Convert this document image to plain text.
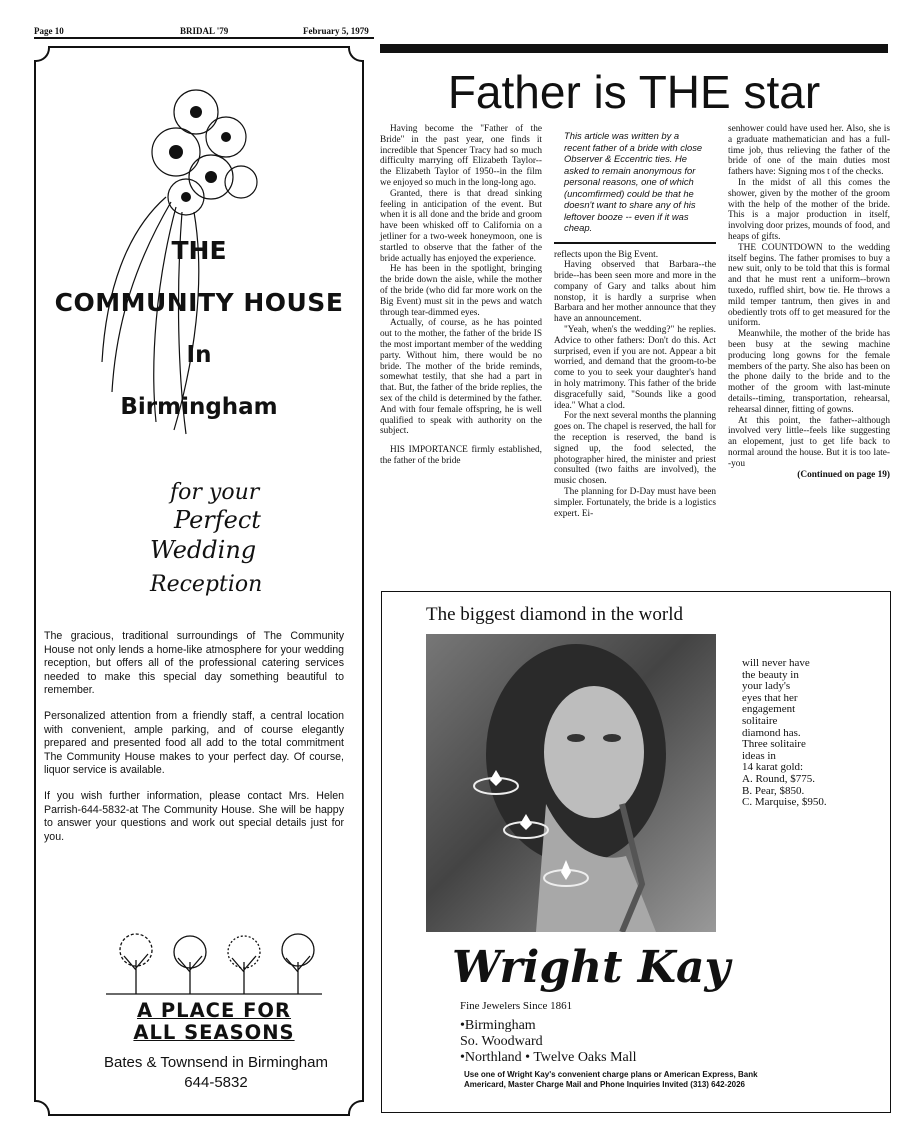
Page 10	BRIDAL '79	February 5, 1979
THE
COMMUNITY HOUSE
In
Birmingham
for your
Perfect
Wedding
Reception
A PLACE FOR
ALL SEASONS
Bates & Townsend in Birmingham
644-5832

The gracious, traditional surroundings of The Community House not only lends a home-like atmosphere for your wedding reception, but offers all of the professional catering services needed to make this special day something beautiful to remember.

Personalized attention from a friendly staff, a central location with convenient, ample parking, and of course elegantly prepared and presented food all add to the total commitment The Community House makes to your perfect day. Of course, liquor service is available.

If you wish further information, please contact Mrs. Helen Parrish-644-5832-at The Community House. She will be happy to answer your questions and work out special details just for you.

Father is THE star

Having become the "Father of the Bride" in the past year, one finds it incredible that Spencer Tracy had so much difficulty marrying off Elizabeth Taylor--the Elizabeth Taylor of 1950--in the film we enjoyed so much in the long-long ago.

Granted, there is that dread sinking feeling in anticipation of the event. But when it is all done and the bride and groom have been whisked off to California on a jetliner for a two-week honeymoon, one is startled to observe that the father of the bride actually has enjoyed the experience.

He has been in the spotlight, bringing the bride down the aisle, while the mother of the bride (who did far more work on the Big Event) must sit in the pews and watch through tear-dimmed eyes.

Actually, of course, as he has pointed out to the mother, the father of the bride IS the most important member of the wedding party. Without him, there would be no bride. The mother of the bride reminds, somewhat testily, that she had a part in that. But, the father of the bride replies, the sex of the child is determined by the father. And with four female offspring, he is well qualified to speak with authority on the subject.

HIS IMPORTANCE firmly established, the father of the bride

This article was written by a recent father of a bride with close Observer & Eccentric ties. He asked to remain anonymous for personal reasons, one of which (uncomfirmed) could be that he doesn't want to share any of his leftover booze -- even if it was cheap.

reflects upon the Big Event.

Having observed that Barbara--the bride--has been seen more and more in the company of Gary and talks about him nonstop, it is hardly a surprise when Barbara and her mother announce that they have an announcement.

"Yeah, when's the wedding?" he replies. Advice to other fathers: Don't do this. Act surprised, even if you are not. Appear a bit worried, and demand that the groom-to-be come to you to seek your daughter's hand in holy matrimony. This father of the bride disgracefully said, "Sounds like a good idea." What a clod.

For the next several months the planning goes on. The chapel is reserved, the hall for the reception is reserved, the band is signed up, the food selected, the photographer hired, the minister and priest consulted (two faiths are involved), the music chosen.

The planning for D-Day must have been simpler. Fortunately, the bride is a logistics expert. Ei-

senhower could have used her. Also, she is a graduate mathematician and has a full-time job, thus relieving the father of the bride of one of the main duties most fathers have: Signing mos t of the checks.

In the midst of all this comes the shower, given by the mother of the groom with the help of the mother of the bride. This is a major production in itself, involving door prizes, mounds of food, and heaps of gifts.

THE COUNTDOWN to the wedding itself begins. The father promises to buy a new suit, only to be told that this is formal and that he must rent a uniform--brown tuxedo, ruffled shirt, bow tie. He throws a mild temper tantrum, then gives in and obediently trots off to get measured for the uniform.

Meanwhile, the mother of the bride has been busy at the sewing machine producing long gowns for the female members of the party. She also has been on the phone daily to the bride and to the mother of the groom with last-minute details--timing, transportation, rehearsal, rehearsal dinner, fitting of gowns.

At this point, the father--although involved very little--feels like suggesting an elopement, just to get life back to normal around the house. But it is too late--you

(Continued on page 19)
The biggest diamond in the world
will never have
the beauty in
your lady's
eyes that her
engagement
solitaire
diamond has.
Three solitaire
ideas in
14 karat gold:
A. Round, $775.
B. Pear, $850.
C. Marquise, $950.
Wright Kay
Fine Jewelers Since 1861
•Birmingham
So. Woodward
•Northland • Twelve Oaks Mall
Use one of Wright Kay's convenient charge plans or American Express, Bank Americard, Master Charge Mail and Phone Inquiries Invited (313) 642-2026
